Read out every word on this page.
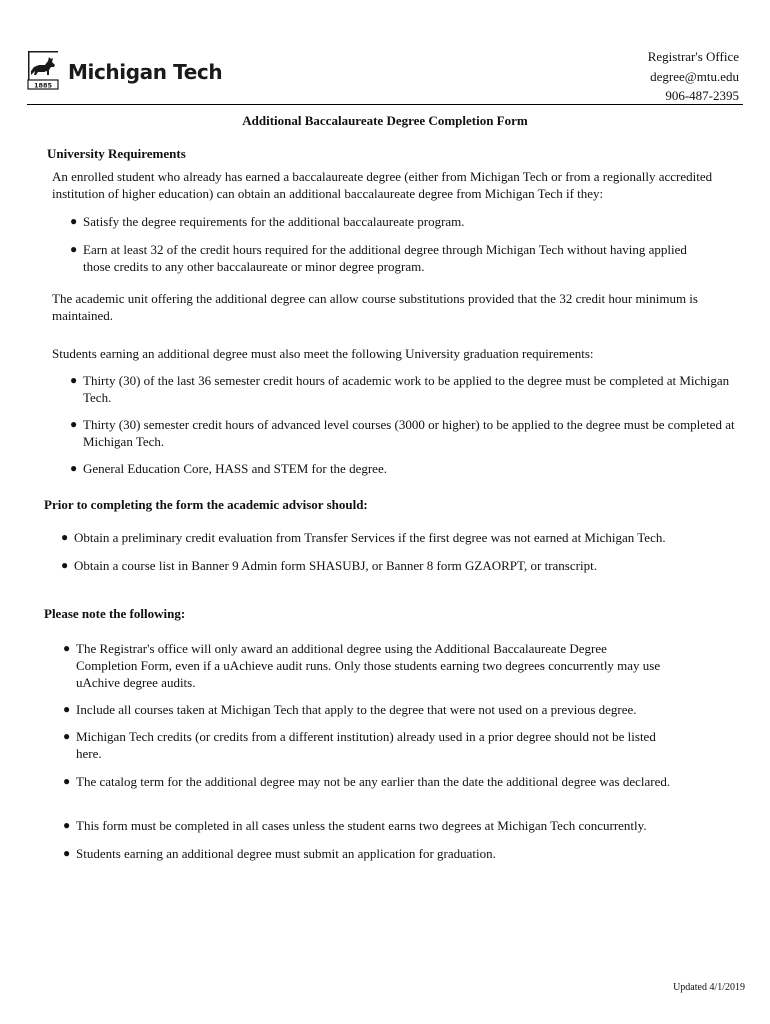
1885
Michigan Tech
Registrar's Office
degree@mtu.edu
906-487-2395
Additional Baccalaureate Degree Completion Form
University Requirements
An enrolled student who already has earned a baccalaureate degree (either from Michigan Tech or from a regionally accredited institution of higher education) can obtain an additional baccalaureate degree from Michigan Tech if they:
● Satisfy the degree requirements for the additional baccalaureate program.
● Earn at least 32 of the credit hours required for the additional degree through Michigan Tech without having applied those credits to any other baccalaureate or minor degree program.
The academic unit offering the additional degree can allow course substitutions provided that the 32 credit hour minimum is maintained.
Students earning an additional degree must also meet the following University graduation requirements:
● Thirty (30) of the last 36 semester credit hours of academic work to be applied to the degree must be completed at Michigan Tech.
● Thirty (30) semester credit hours of advanced level courses (3000 or higher) to be applied to the degree must be completed at Michigan Tech.
● General Education Core, HASS and STEM for the degree.
Prior to completing the form the academic advisor should:
● Obtain a preliminary credit evaluation from Transfer Services if the first degree was not earned at Michigan Tech.
● Obtain a course list in Banner 9 Admin form SHASUBJ, or Banner 8 form GZAORPT, or transcript.
Please note the following:
● The Registrar's office will only award an additional degree using the Additional Baccalaureate Degree Completion Form, even if a uAchieve audit runs. Only those students earning two degrees concurrently may use uAchive degree audits.
● Include all courses taken at Michigan Tech that apply to the degree that were not used on a previous degree.
● Michigan Tech credits (or credits from a different institution) already used in a prior degree should not be listed here.
● The catalog term for the additional degree may not be any earlier than the date the additional degree was declared.
● This form must be completed in all cases unless the student earns two degrees at Michigan Tech concurrently.
● Students earning an additional degree must submit an application for graduation.
Updated 4/1/2019
